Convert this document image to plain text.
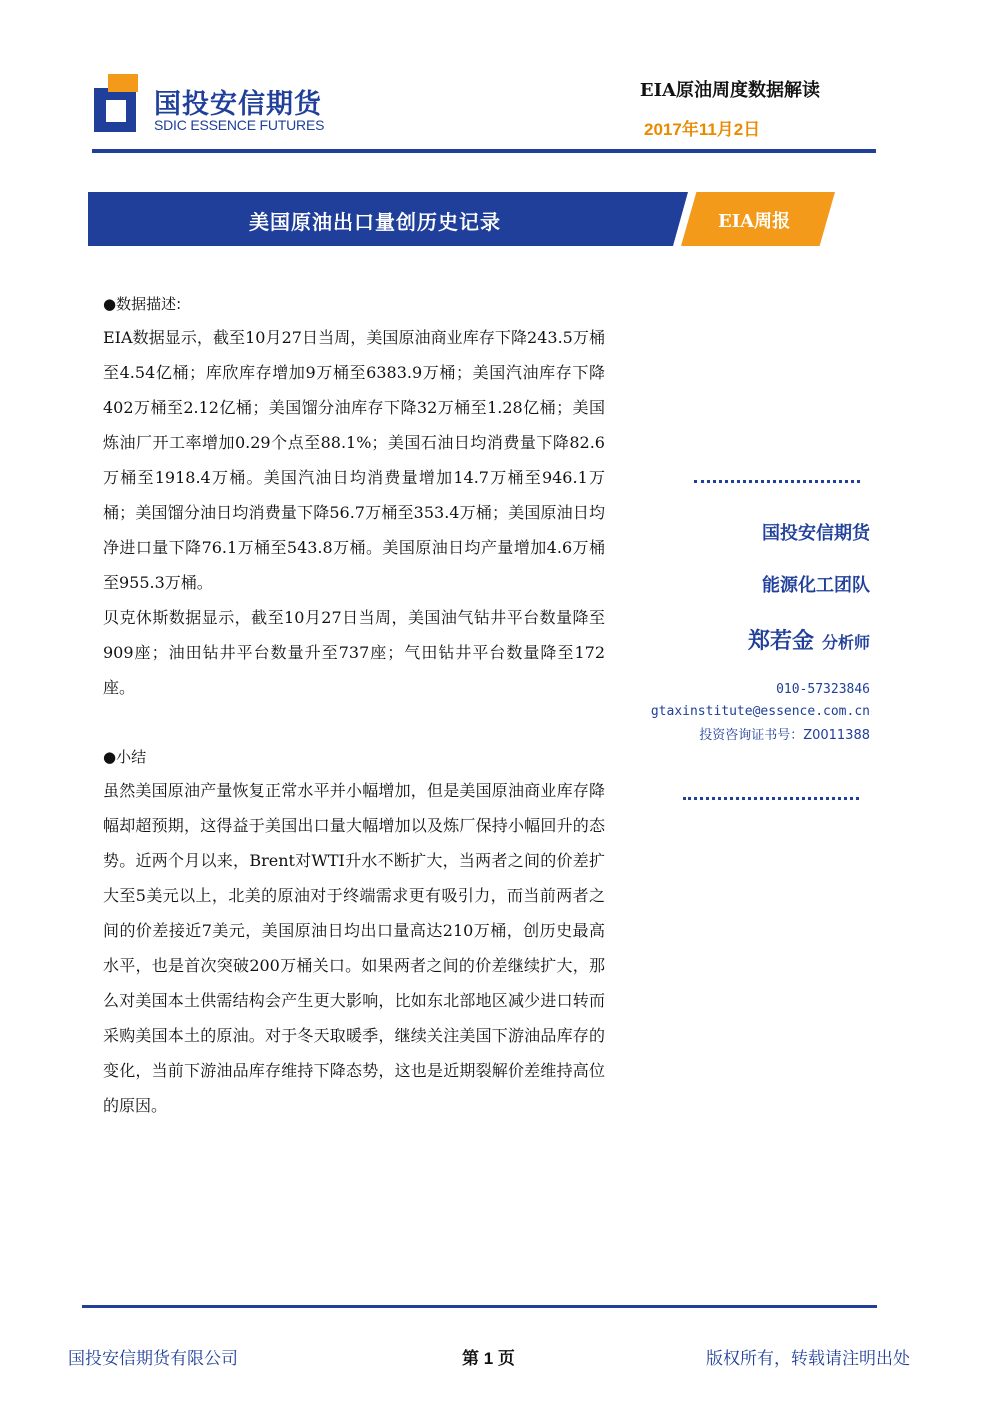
国投安信期货
SDIC ESSENCE FUTURES
EIA原油周度数据解读
2017年11月2日
美国原油出口量创历史记录	EIA周报

●数据描述:

EIA数据显示，截至10月27日当周，美国原油商业库存下降243.5万桶至4.54亿桶；库欣库存增加9万桶至6383.9万桶；美国汽油库存下降402万桶至2.12亿桶；美国馏分油库存下降32万桶至1.28亿桶；美国炼油厂开工率增加0.29个点至88.1%；美国石油日均消费量下降82.6万桶至1918.4万桶。美国汽油日均消费量增加14.7万桶至946.1万桶；美国馏分油日均消费量下降56.7万桶至353.4万桶；美国原油日均净进口量下降76.1万桶至543.8万桶。美国原油日均产量增加4.6万桶至955.3万桶。

贝克休斯数据显示，截至10月27日当周，美国油气钻井平台数量降至909座；油田钻井平台数量升至737座；气田钻井平台数量降至172座。

●小结

虽然美国原油产量恢复正常水平并小幅增加，但是美国原油商业库存降幅却超预期，这得益于美国出口量大幅增加以及炼厂保持小幅回升的态势。近两个月以来，Brent对WTI升水不断扩大，当两者之间的价差扩大至5美元以上，北美的原油对于终端需求更有吸引力，而当前两者之间的价差接近7美元，美国原油日均出口量高达210万桶，创历史最高水平，也是首次突破200万桶关口。如果两者之间的价差继续扩大，那么对美国本土供需结构会产生更大影响，比如东北部地区减少进口转而采购美国本土的原油。对于冬天取暖季，继续关注美国下游油品库存的变化，当前下游油品库存维持下降态势，这也是近期裂解价差维持高位的原因。

国投安信期货
能源化工团队
郑若金 分析师
010-57323846
gtaxinstitute@essence.com.cn
投资咨询证书号：Z0011388
国投安信期货有限公司	第 1 页	版权所有，转载请注明出处
